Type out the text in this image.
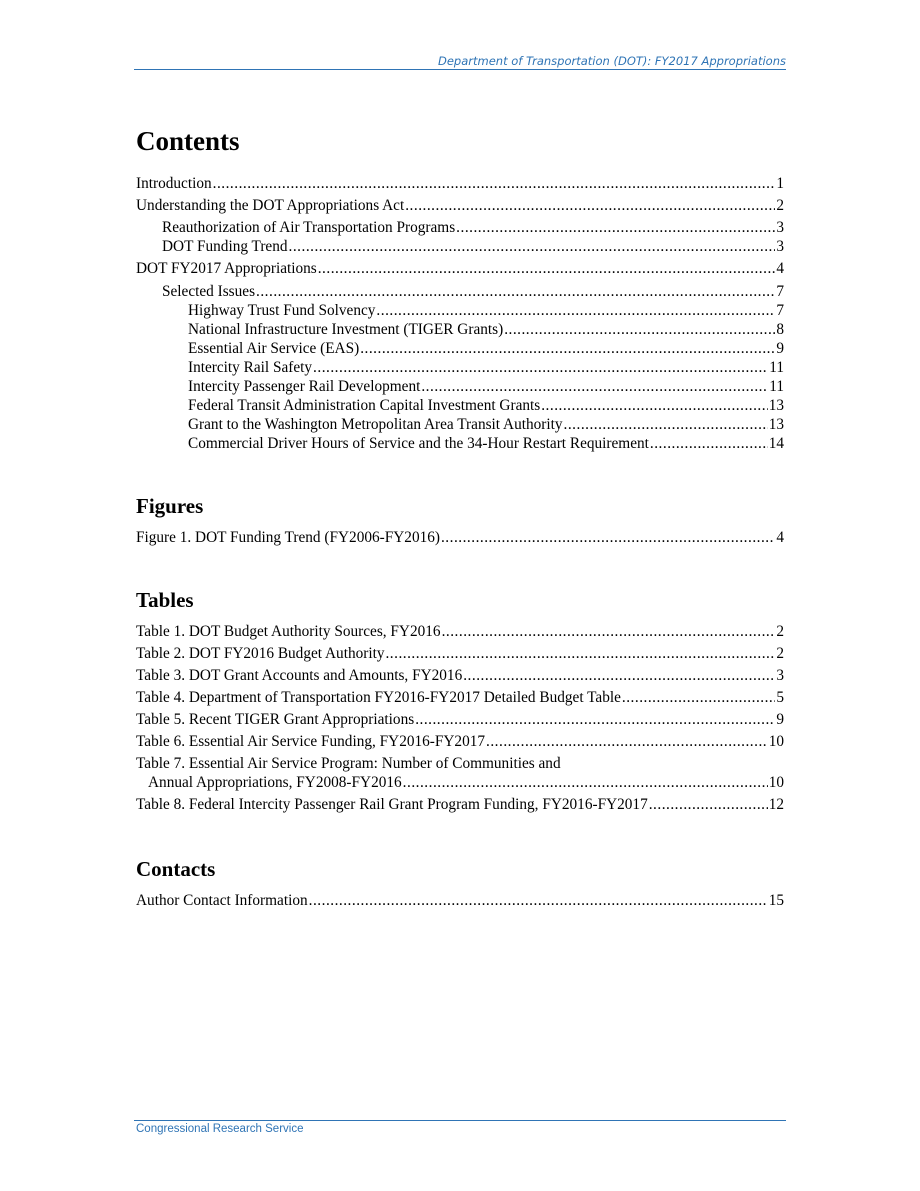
Department of Transportation (DOT): FY2017 Appropriations
Contents
Introduction .....	1
Understanding the DOT Appropriations Act .....	2
Reauthorization of Air Transportation Programs .....	3
DOT Funding Trend .....	3
DOT FY2017 Appropriations .....	4
Selected Issues .....	7
Highway Trust Fund Solvency .....	7
National Infrastructure Investment (TIGER Grants) .....	8
Essential Air Service (EAS) .....	9
Intercity Rail Safety .....	11
Intercity Passenger Rail Development .....	11
Federal Transit Administration Capital Investment Grants .....	13
Grant to the Washington Metropolitan Area Transit Authority .....	13
Commercial Driver Hours of Service and the 34-Hour Restart Requirement .....	14
Figures
Figure 1. DOT Funding Trend (FY2006-FY2016) .....	4
Tables
Table 1. DOT Budget Authority Sources, FY2016 .....	2
Table 2. DOT FY2016 Budget Authority .....	2
Table 3. DOT Grant Accounts and Amounts, FY2016 .....	3
Table 4. Department of Transportation FY2016-FY2017 Detailed Budget Table .....	5
Table 5. Recent TIGER Grant Appropriations .....	9
Table 6. Essential Air Service Funding, FY2016-FY2017 .....	10
Table 7. Essential Air Service Program: Number of Communities and
Annual Appropriations, FY2008-FY2016 .....	10
Table 8. Federal Intercity Passenger Rail Grant Program Funding, FY2016-FY2017 .....	12
Contacts
Author Contact Information .....	15
Congressional Research Service
